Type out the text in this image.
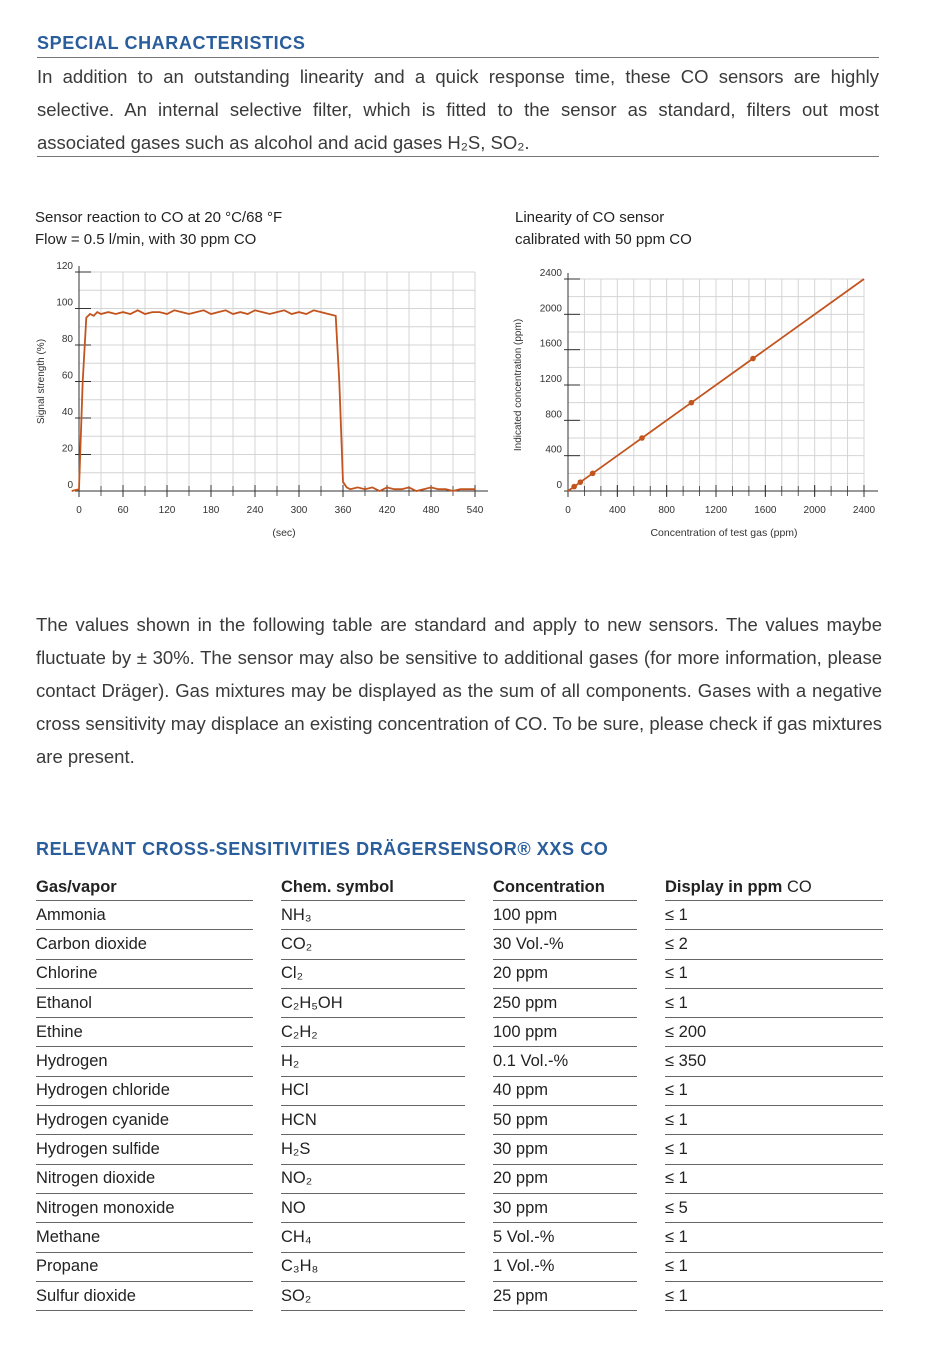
SPECIAL CHARACTERISTICS
In addition to an outstanding linearity and a quick response time, these CO sensors are highly selective. An internal selective filter, which is fitted to the sensor as standard, filters out most associated gases such as alcohol and acid gases H₂S, SO₂.
Sensor reaction to CO at 20 °C/68 °F
Flow = 0.5 l/min, with 30 ppm CO
Linearity of CO sensor
calibrated with 50 ppm CO
0	60	120	180	240	300	360	420	480	540
0
20
40
60
80
100
120
Signal strength (%)
(sec)
0	400	800	1200	1600	2000	2400
0
400
800
1200
1600
2000
2400
Indicated concentration (ppm)
Concentration of test gas (ppm)
The values shown in the following table are standard and apply to new sensors. The values maybe fluctuate by ± 30%. The sensor may also be sensitive to additional gases (for more information, please contact Dräger). Gas mixtures may be displayed as the sum of all components. Gases with a negative cross sensitivity may displace an existing concentration of CO. To be sure, please check if gas mixtures are present.
RELEVANT CROSS-SENSITIVITIES DRÄGERSENSOR® XXS CO
Gas/vapor		Chem. symbol		Concentration		Display in ppm CO
Ammonia		NH₃		100 ppm		≤ 1
Carbon dioxide		CO₂		30 Vol.-%		≤ 2
Chlorine		Cl₂		20 ppm		≤ 1
Ethanol		C₂H₅OH		250 ppm		≤ 1
Ethine		C₂H₂		100 ppm		≤ 200
Hydrogen		H₂		0.1 Vol.-%		≤ 350
Hydrogen chloride		HCl		40 ppm		≤ 1
Hydrogen cyanide		HCN		50 ppm		≤ 1
Hydrogen sulfide		H₂S		30 ppm		≤ 1
Nitrogen dioxide		NO₂		20 ppm		≤ 1
Nitrogen monoxide		NO		30 ppm		≤ 5
Methane		CH₄		5 Vol.-%		≤ 1
Propane		C₃H₈		1 Vol.-%		≤ 1
Sulfur dioxide		SO₂		25 ppm		≤ 1
